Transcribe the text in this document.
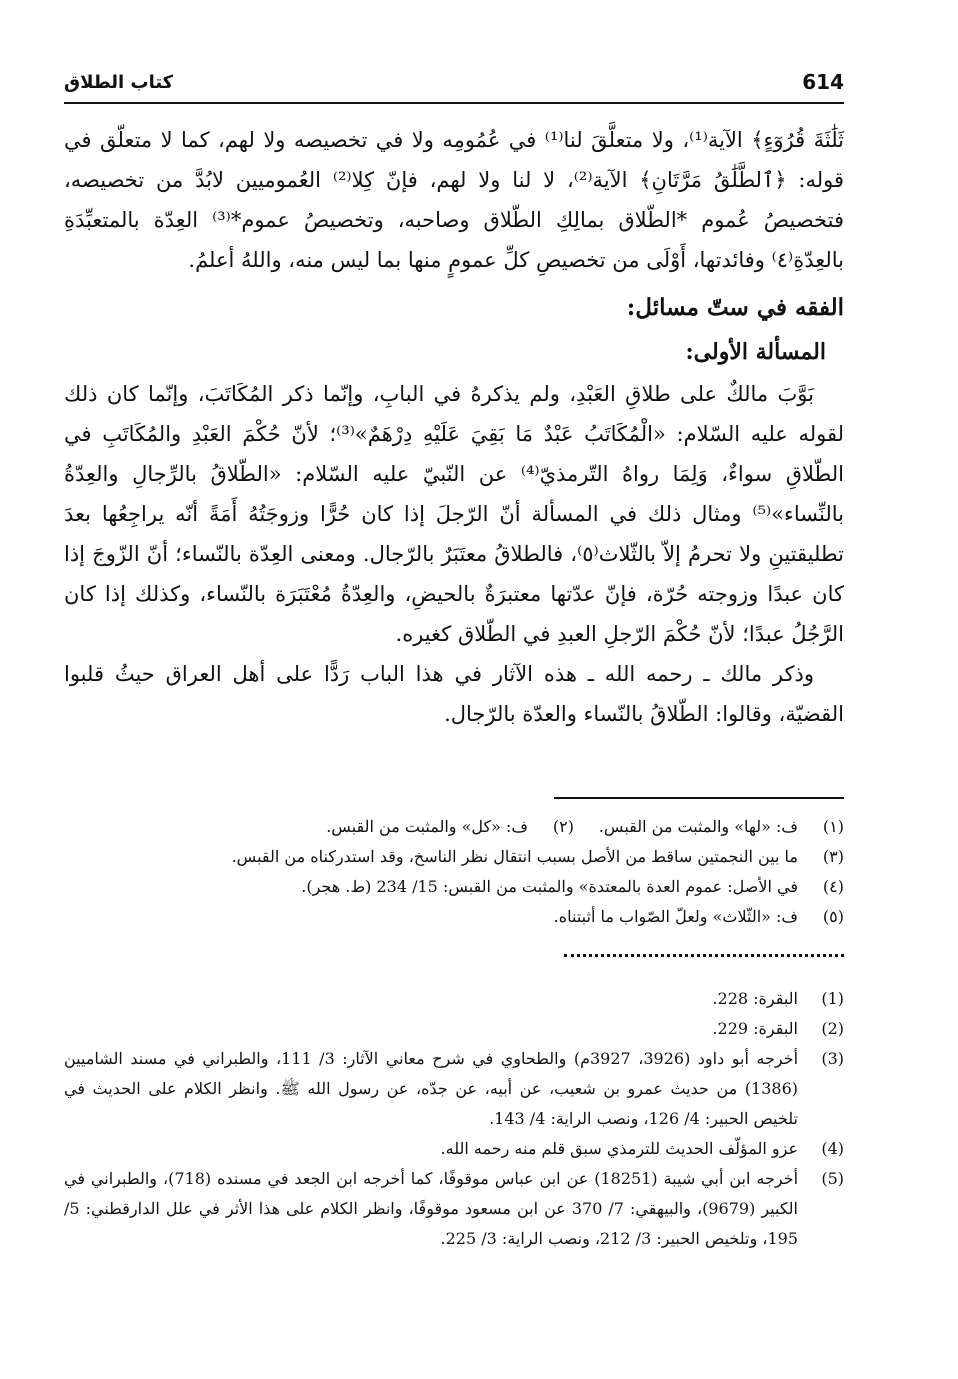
614
كتاب الطلاق

ثَلَٰثَةَ قُرُوٓءٍ﴾ الآية⁽¹⁾، ولا متعلَّقَ لنا⁽¹⁾ في عُمُومِه ولا في تخصيصه ولا لهم، كما لا متعلّق في قوله: ﴿ٱلطَّلَٰقُ مَرَّتَانِ﴾ الآية⁽²⁾، لا لنا ولا لهم، فإنّ كِلا⁽²⁾ العُموميين لابُدَّ من تخصيصه، فتخصيصُ عُموم *الطّلاق بمالِكِ الطّلاق وصاحبه، وتخصيصُ عموم*⁽³⁾ العِدّة بالمتعبِّدَةِ بالعِدّةِ⁽٤⁾ وفائدتها، أَوْلَى من تخصيصِ كلِّ عمومٍ منها بما ليس منه، واللهُ أعلمُ.

الفقه في ستّ مسائل:
المسألة الأولى:

بَوَّبَ مالكٌ على طلاقِ العَبْدِ، ولم يذكرهُ في البابِ، وإنّما ذكر المُكَاتَبَ، وإنّما كان ذلك لقوله عليه السّلام: «الْمُكَاتَبُ عَبْدٌ مَا بَقِيَ عَلَيْهِ دِرْهَمٌ»⁽³⁾؛ لأنّ حُكْمَ العَبْدِ والمُكَاتَبِ في الطّلاقِ سواءٌ، وَلِمَا رواهُ التّرمذيّ⁽⁴⁾ عن النّبيّ عليه السّلام: «الطّلاقُ بالرِّجالِ والعِدّةُ بالنِّساء»⁽⁵⁾ ومثال ذلك في المسألة أنّ الرّجلَ إذا كان حُرًّا وزوجَتُهُ أَمَةً أنّه يراجِعُها بعدَ تطليقتينِ ولا تحرمُ إلاّ بالثّلاث⁽٥⁾، فالطلاقُ معتَبَرٌ بالرّجال. ومعنى العِدّة بالنّساء؛ أنّ الزّوجَ إذا كان عبدًا وزوجته حُرّة، فإنّ عدّتها معتبرَةٌ بالحيضِ، والعِدّةُ مُعْتَبَرَة بالنّساء، وكذلك إذا كان الرَّجُلُ عبدًا؛ لأنّ حُكْمَ الرّجلِ العبدِ في الطّلاق كغيره.

وذكر مالك ـ رحمه الله ـ هذه الآثار في هذا الباب رَدًّا على أهل العراق حيثُ قلبوا القضيّة، وقالوا: الطّلاقُ بالنّساء والعدّة بالرّجال.

(١)
ف: «لها» والمثبت من القبس.
(٢)
ف: «كل» والمثبت من القبس.
(٣)
ما بين النجمتين ساقط من الأصل بسبب انتقال نظر الناسخ، وقد استدركناه من القبس.
(٤)
في الأصل: عموم العدة بالمعتدة» والمثبت من القبس: 15/ 234 (ط. هجر).
(٥)
ف: «الثّلاث» ولعلّ الصّواب ما أثبتناه.
(1)
البقرة: 228.
(2)
البقرة: 229.
(3)
أخرجه أبو داود (3926، 3927م) والطحاوي في شرح معاني الآثار: 3/ 111، والطبراني في مسند الشاميين (1386) من حديث عمرو بن شعيب، عن أبيه، عن جدّه، عن رسول الله ﷺ. وانظر الكلام على الحديث في تلخيص الحبير: 4/ 126، ونصب الراية: 4/ 143.
(4)
عزو المؤلّف الحديث للترمذي سبق قلم منه رحمه الله.
(5)
أخرجه ابن أبي شيبة (18251) عن ابن عباس موقوفًا، كما أخرجه ابن الجعد في مسنده (718)، والطبراني في الكبير (9679)، والبيهقي: 7/ 370 عن ابن مسعود موقوفًا، وانظر الكلام على هذا الأثر في علل الدارقطني: 5/ 195، وتلخيص الحبير: 3/ 212، ونصب الراية: 3/ 225.
